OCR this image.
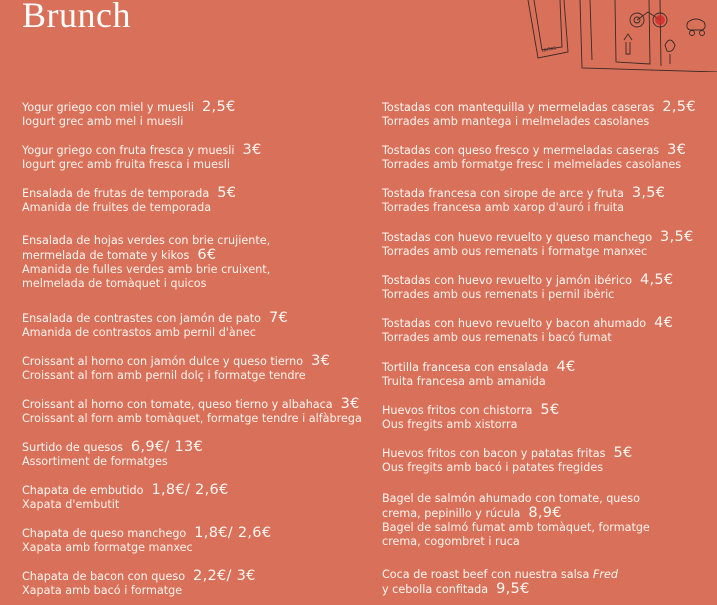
Brunch
tartes
Yogur griego con miel y muesli 2,5€
Iogurt grec amb mel i muesli
Yogur griego con fruta fresca y muesli 3€
Iogurt grec amb fruita fresca i muesli
Ensalada de frutas de temporada 5€
Amanida de fruites de temporada
Ensalada de hojas verdes con brie crujiente,
mermelada de tomate y kikos 6€
Amanida de fulles verdes amb brie cruixent,
melmelada de tomàquet i quicos
Ensalada de contrastes con jamón de pato 7€
Amanida de contrastos amb pernil d'ànec
Croissant al horno con jamón dulce y queso tierno 3€
Croissant al forn amb pernil dolç i formatge tendre
Croissant al horno con tomate, queso tierno y albahaca 3€
Croissant al forn amb tomàquet, formatge tendre i alfàbrega
Surtido de quesos 6,9€/ 13€
Assortiment de formatges
Chapata de embutido 1,8€/ 2,6€
Xapata d'embutit
Chapata de queso manchego 1,8€/ 2,6€
Xapata amb formatge manxec
Chapata de bacon con queso 2,2€/ 3€
Xapata amb bacó i formatge
Tostadas con mantequilla y mermeladas caseras 2,5€
Torrades amb mantega i melmelades casolanes
Tostadas con queso fresco y mermeladas caseras 3€
Torrades amb formatge fresc i melmelades casolanes
Tostada francesa con sirope de arce y fruta 3,5€
Torrades francesa amb xarop d'auró i fruita
Tostadas con huevo revuelto y queso manchego 3,5€
Torrades amb ous remenats i formatge manxec
Tostadas con huevo revuelto y jamón ibérico 4,5€
Torrades amb ous remenats i pernil ibèric
Tostadas con huevo revuelto y bacon ahumado 4€
Torrades amb ous remenats i bacó fumat
Tortilla francesa con ensalada 4€
Truita francesa amb amanida
Huevos fritos con chistorra 5€
Ous fregits amb xistorra
Huevos fritos con bacon y patatas fritas 5€
Ous fregits amb bacó i patates fregides
Bagel de salmón ahumado con tomate, queso
crema, pepinillo y rúcula 8,9€
Bagel de salmó fumat amb tomàquet, formatge
crema, cogombret i ruca
Coca de roast beef con nuestra salsa Fred
y cebolla confitada 9,5€
